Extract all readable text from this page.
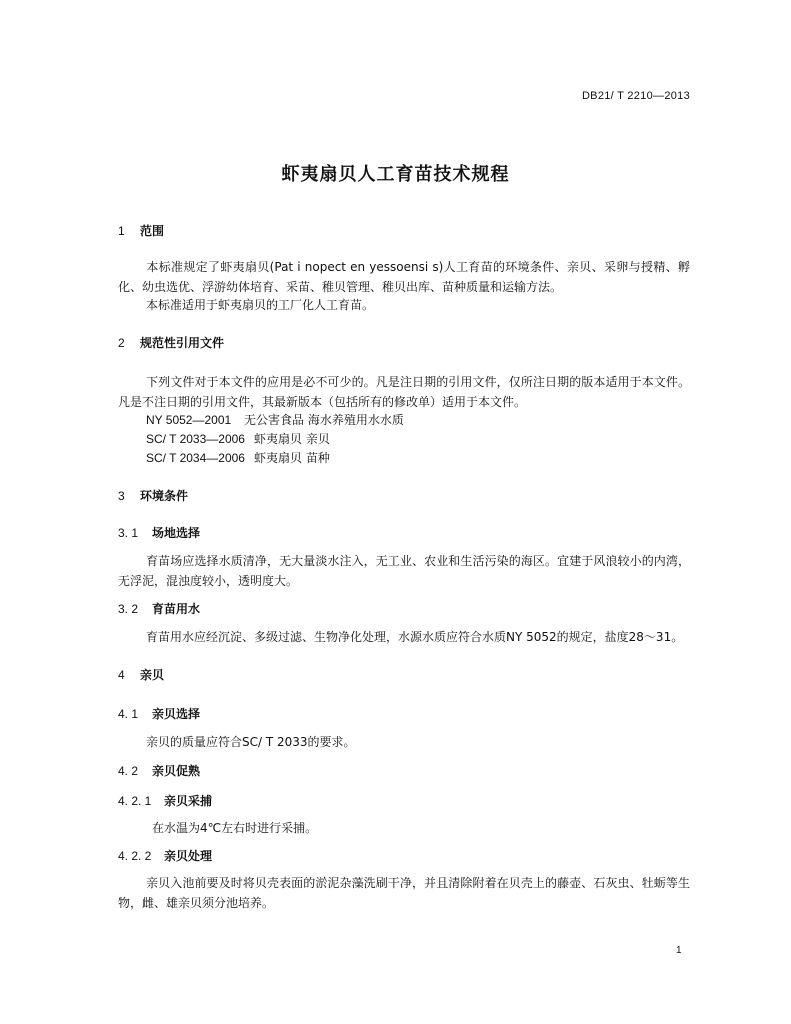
DB21/ T 2210—2013
虾夷扇贝人工育苗技术规程
1 范围
本标准规定了虾夷扇贝(Pat i nopect en yessoensi s)人工育苗的环境条件、亲贝、采卵与授精、孵化、幼虫选优、浮游幼体培育、采苗、稚贝管理、稚贝出库、苗种质量和运输方法。
本标准适用于虾夷扇贝的工厂化人工育苗。
2 规范性引用文件
下列文件对于本文件的应用是必不可少的。凡是注日期的引用文件，仅所注日期的版本适用于本文件。凡是不注日期的引用文件，其最新版本（包括所有的修改单）适用于本文件。
NY 5052—2001 无公害食品 海水养殖用水水质
SC/ T 2033—2006 虾夷扇贝 亲贝
SC/ T 2034—2006 虾夷扇贝 苗种
3 环境条件
3. 1 场地选择
育苗场应选择水质清净，无大量淡水注入，无工业、农业和生活污染的海区。宜建于风浪较小的内湾，无浮泥，混浊度较小，透明度大。
3. 2 育苗用水
育苗用水应经沉淀、多级过滤、生物净化处理，水源水质应符合水质NY 5052的规定，盐度28～31。
4 亲贝
4. 1 亲贝选择
亲贝的质量应符合SC/ T 2033的要求。
4. 2 亲贝促熟
4. 2. 1 亲贝采捕
在水温为4℃左右时进行采捕。
4. 2. 2 亲贝处理
亲贝入池前要及时将贝壳表面的淤泥杂藻洗刷干净，并且清除附着在贝壳上的藤壶、石灰虫、牡蛎等生物，雌、雄亲贝须分池培养。
1
